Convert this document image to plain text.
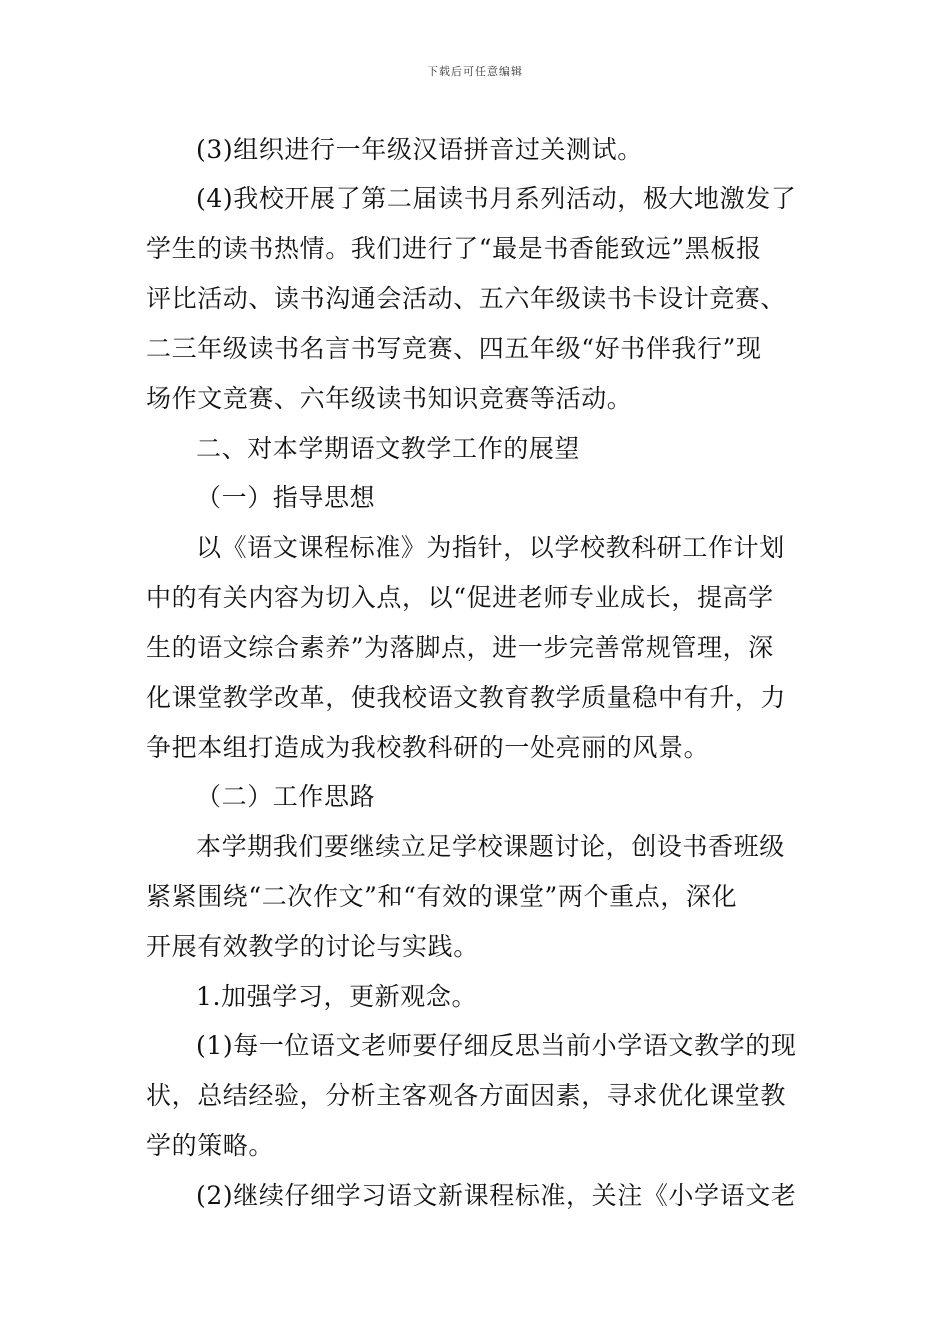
下载后可任意编辑
(3)组织进行一年级汉语拼音过关测试。
(4)我校开展了第二届读书月系列活动，极大地激发了
学生的读书热情。我们进行了“最是书香能致远”黑板报
评比活动、读书沟通会活动、五六年级读书卡设计竞赛、
二三年级读书名言书写竞赛、四五年级“好书伴我行”现
场作文竞赛、六年级读书知识竞赛等活动。
二、对本学期语文教学工作的展望
（一）指导思想
以《语文课程标准》为指针，以学校教科研工作计划
中的有关内容为切入点，以“促进老师专业成长，提高学
生的语文综合素养”为落脚点，进一步完善常规管理，深
化课堂教学改革，使我校语文教育教学质量稳中有升，力
争把本组打造成为我校教科研的一处亮丽的风景。
（二）工作思路
本学期我们要继续立足学校课题讨论，创设书香班级
紧紧围绕“二次作文”和“有效的课堂”两个重点，深化
开展有效教学的讨论与实践。
1.加强学习，更新观念。
(1)每一位语文老师要仔细反思当前小学语文教学的现
状，总结经验，分析主客观各方面因素，寻求优化课堂教
学的策略。
(2)继续仔细学习语文新课程标准，关注《小学语文老
